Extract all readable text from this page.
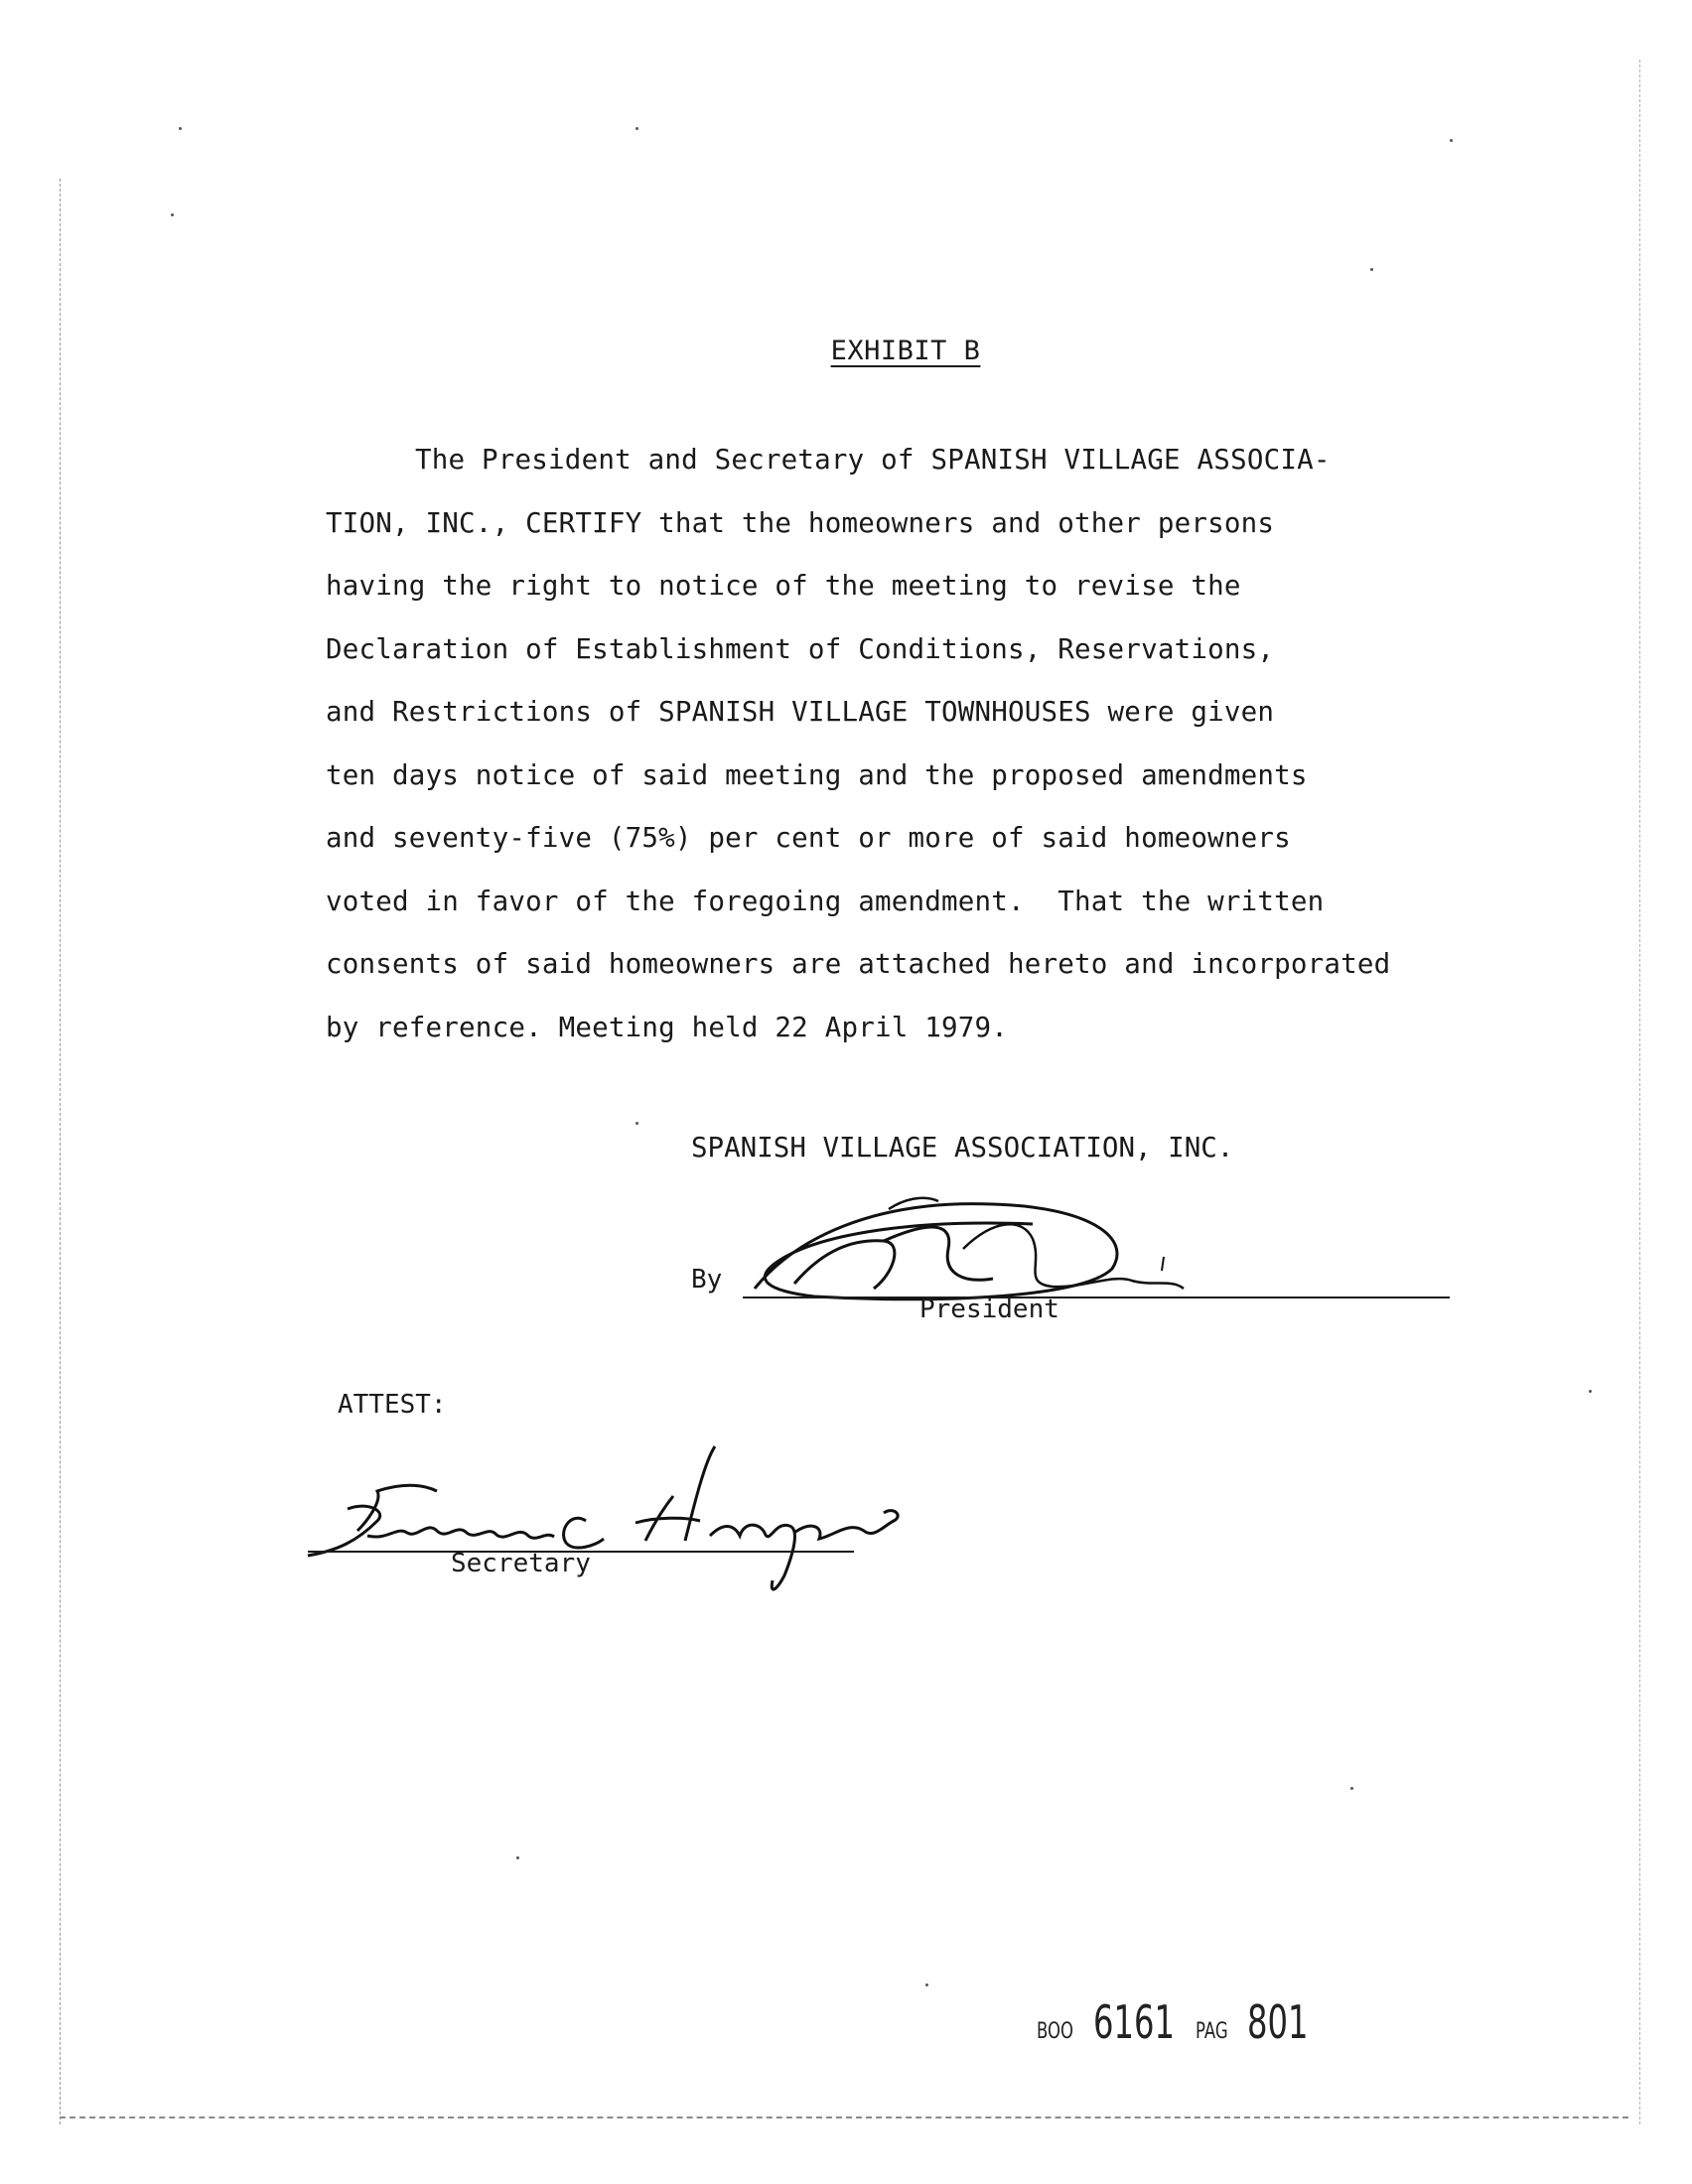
EXHIBIT B
The President and Secretary of SPANISH VILLAGE ASSOCIA-
TION, INC., CERTIFY that the homeowners and other persons
having the right to notice of the meeting to revise the
Declaration of Establishment of Conditions, Reservations,
and Restrictions of SPANISH VILLAGE TOWNHOUSES were given
ten days notice of said meeting and the proposed amendments
and seventy-five (75%) per cent or more of said homeowners
voted in favor of the foregoing amendment.  That the written
consents of said homeowners are attached hereto and incorporated
by reference. Meeting held 22 April 1979.
SPANISH VILLAGE ASSOCIATION, INC.
By
President
ATTEST:
Secretary
BOO 6161 PAG 801
